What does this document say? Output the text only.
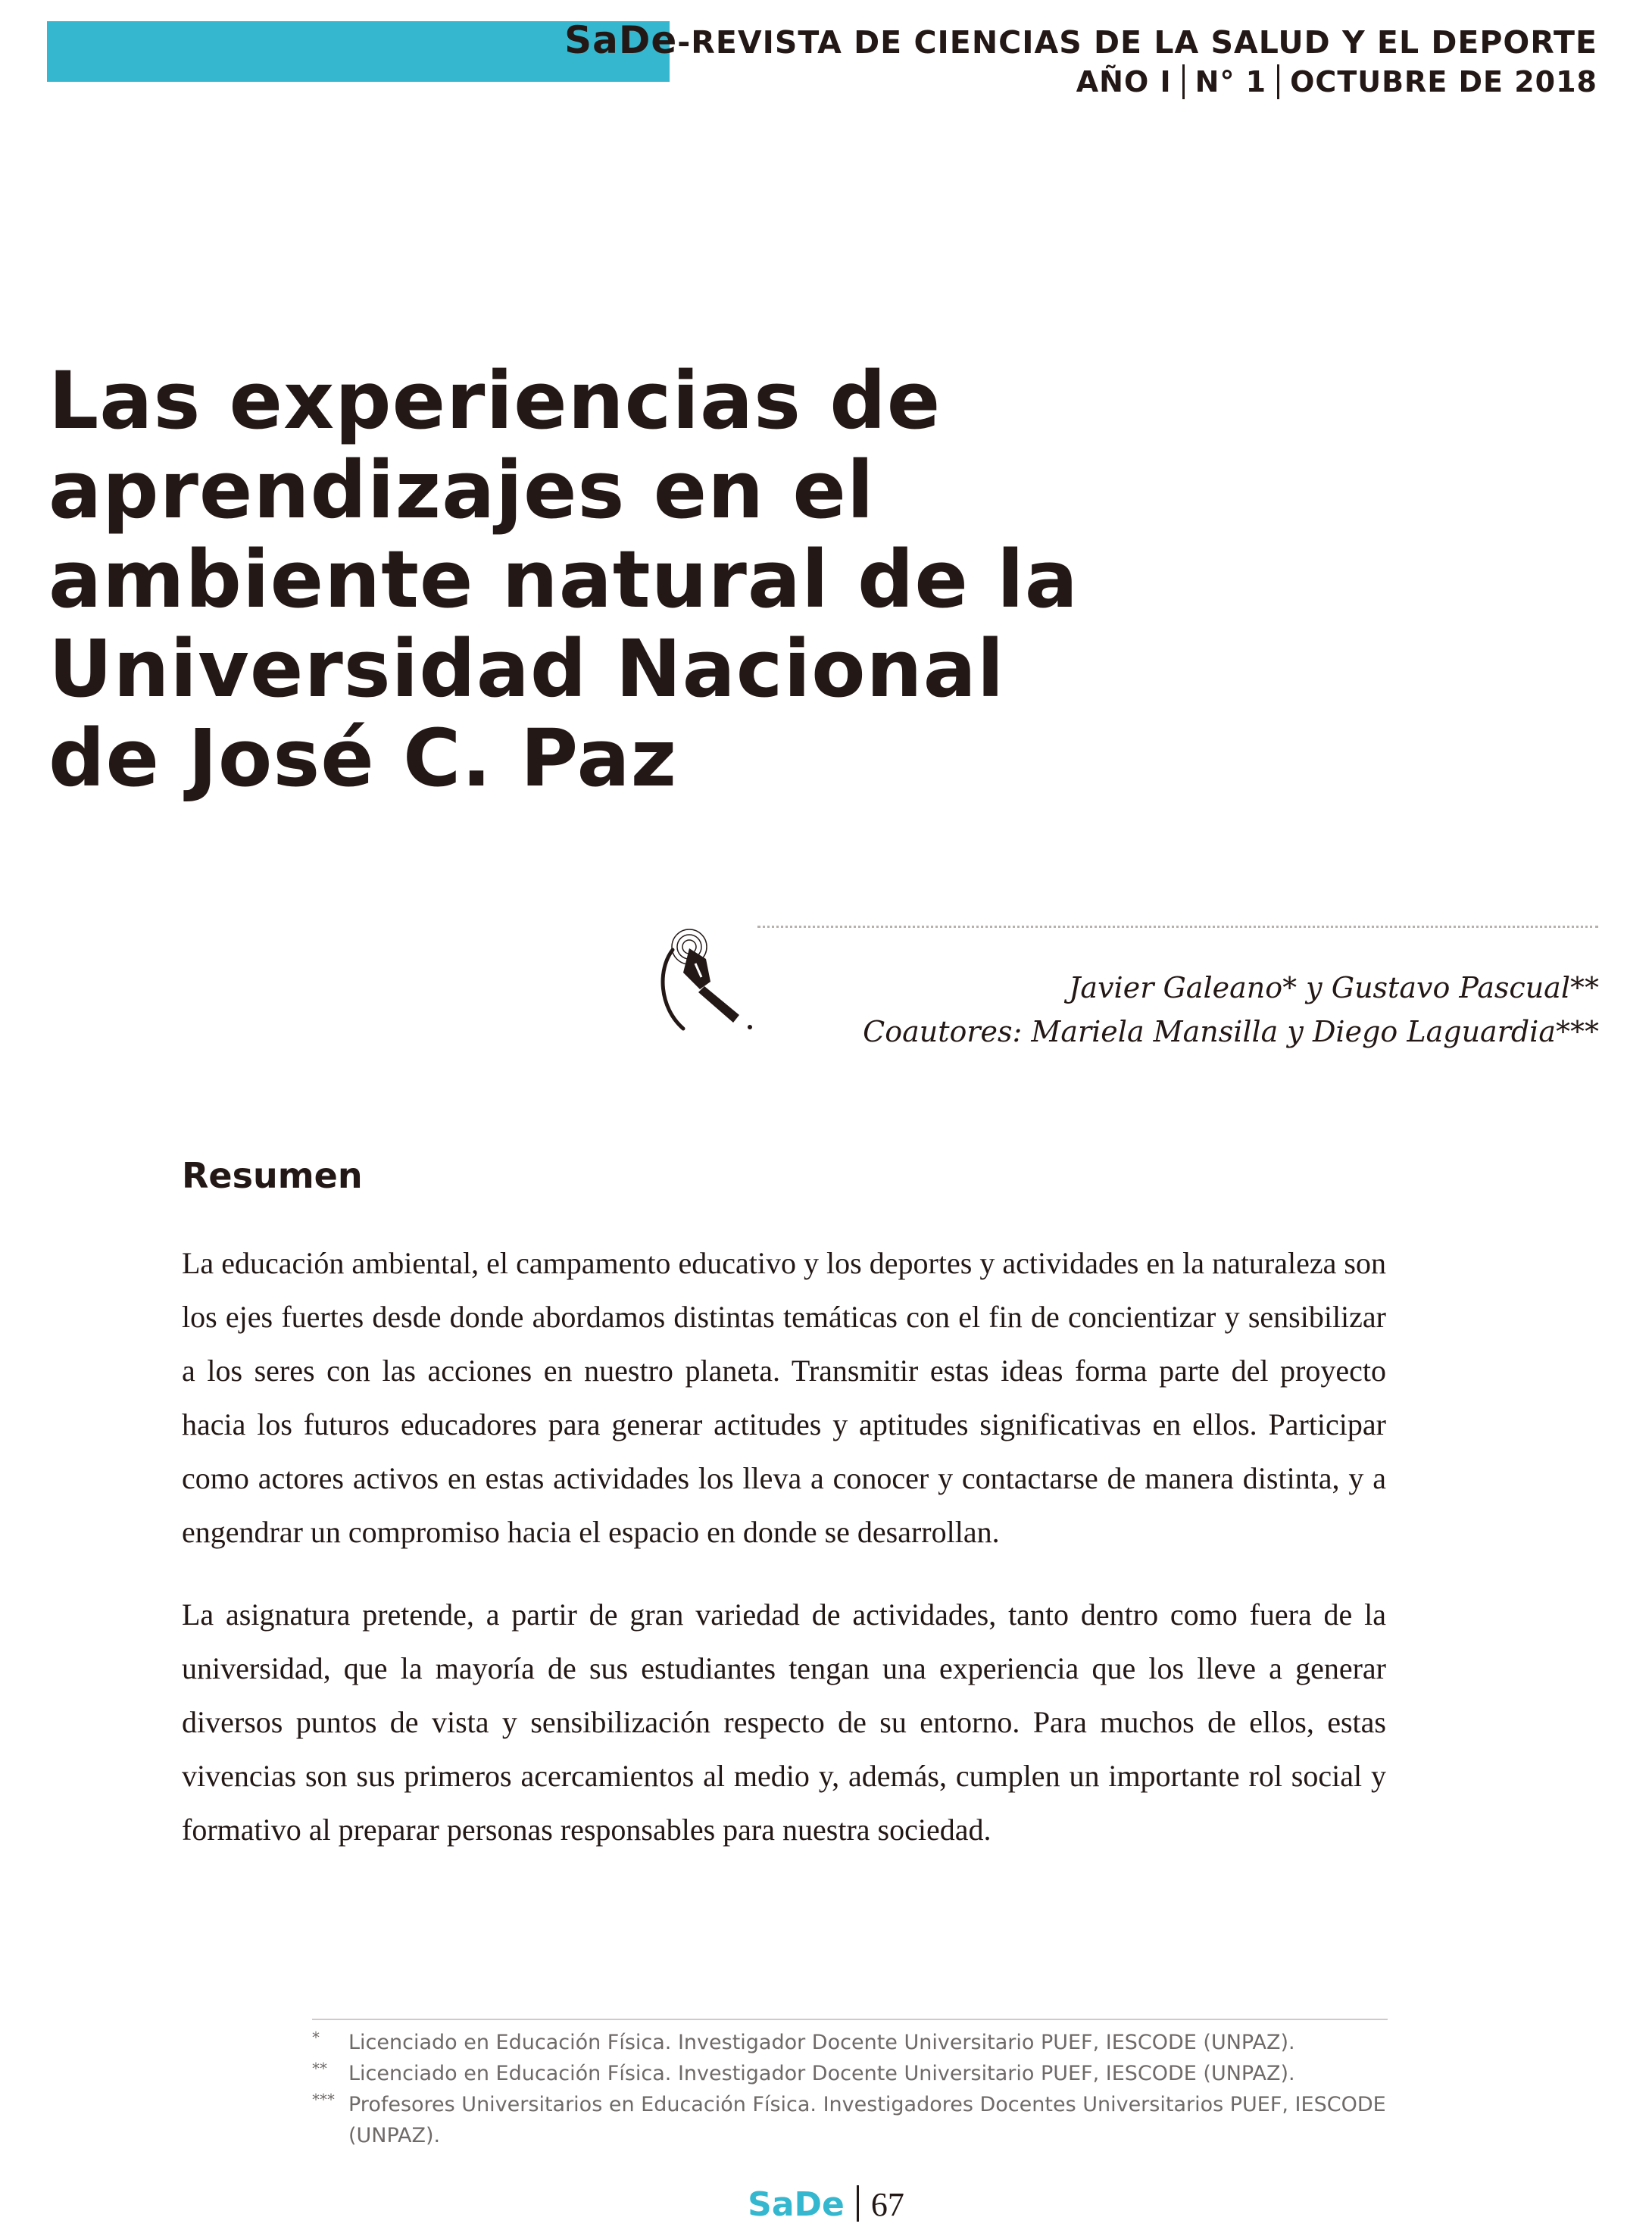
SaDe-REVISTA DE CIENCIAS DE LA SALUD Y EL DEPORTE
AÑO I N° 1 OCTUBRE DE 2018
Las experiencias de
aprendizajes en el
ambiente natural de la
Universidad Nacional
de José C. Paz
Javier Galeano* y Gustavo Pascual**
Coautores: Mariela Mansilla y Diego Laguardia***
Resumen

La educación ambiental, el campamento educativo y los deportes y actividades en la naturaleza son los ejes fuertes desde donde abordamos distintas temáticas con el fin de concientizar y sensibilizar a los seres con las acciones en nuestro planeta. Transmitir estas ideas forma parte del proyecto hacia los futuros educadores para generar actitudes y aptitudes significativas en ellos. Participar como actores activos en estas actividades los lleva a conocer y contactarse de manera distinta, y a engendrar un compromiso hacia el espacio en donde se desarrollan.

La asignatura pretende, a partir de gran variedad de actividades, tanto dentro como fuera de la universidad, que la mayoría de sus estudiantes tengan una experiencia que los lleve a generar diversos puntos de vista y sensibilización respecto de su entorno. Para muchos de ellos, estas vivencias son sus primeros acercamientos al medio y, además, cumplen un importante rol social y formativo al preparar personas responsables para nuestra sociedad.

*	Licenciado en Educación Física. Investigador Docente Universitario PUEF, IESCODE (UNPAZ).
**	Licenciado en Educación Física. Investigador Docente Universitario PUEF, IESCODE (UNPAZ).
*** Profesores Universitarios en Educación Física. Investigadores Docentes Universitarios PUEF, IESCODE (UNPAZ).
SaDe 67
